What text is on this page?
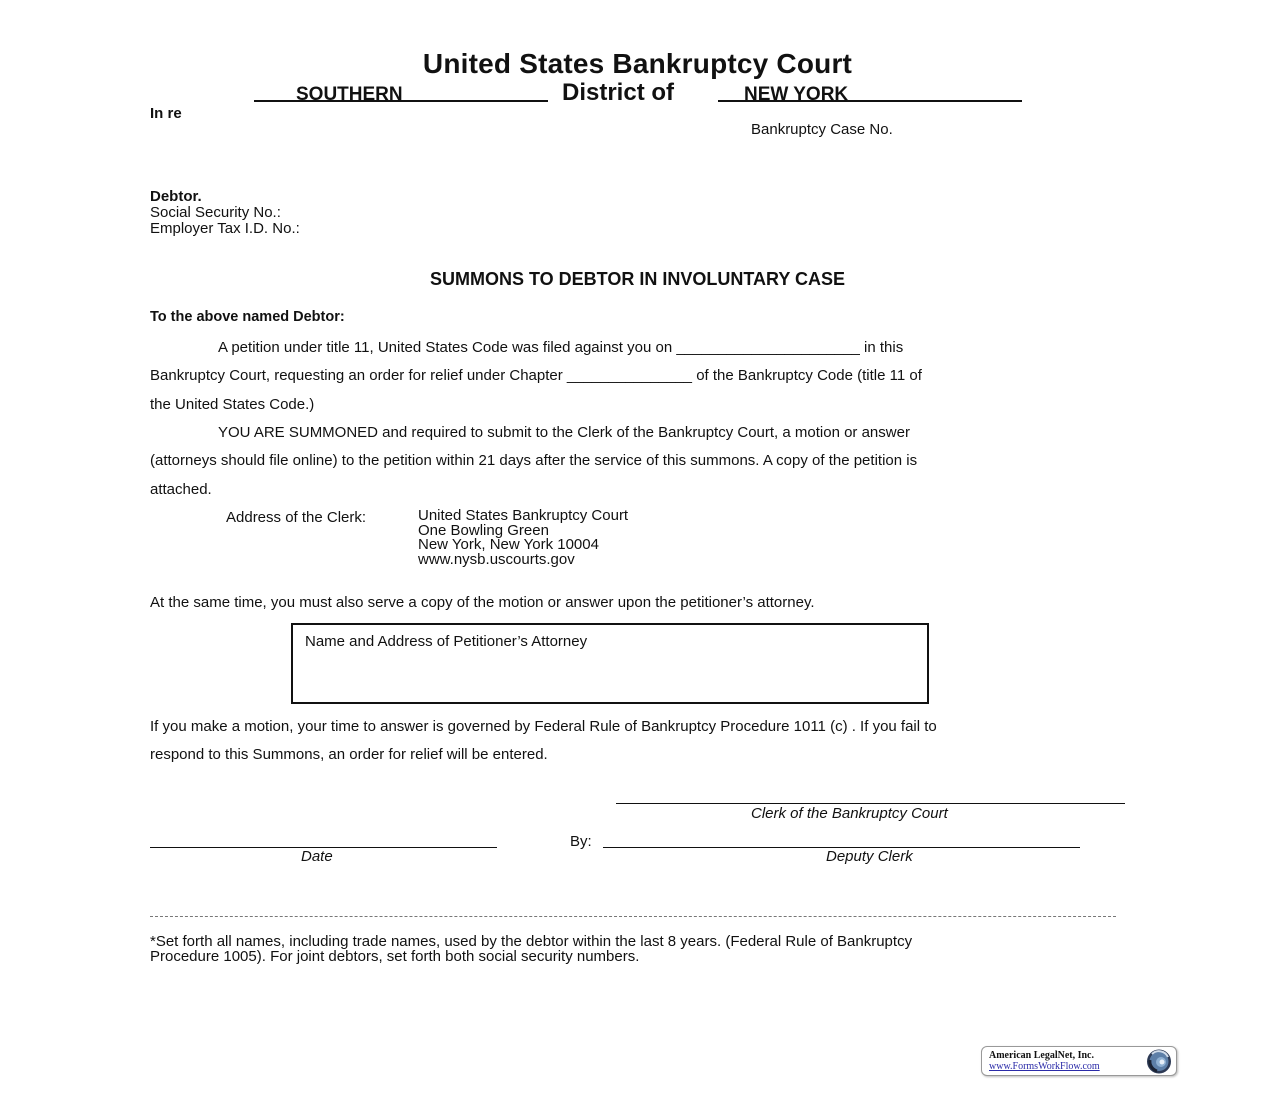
United States Bankruptcy Court
SOUTHERN	District of	NEW YORK
In re
Bankruptcy Case No.
Debtor.
Social Security No.:
Employer Tax I.D. No.:
SUMMONS TO DEBTOR IN INVOLUNTARY CASE
To the above named Debtor:
A petition under title 11, United States Code was filed against you on ______________________ in this
Bankruptcy Court, requesting an order for relief under Chapter _______________ of the Bankruptcy Code (title 11 of
the United States Code.)
YOU ARE SUMMONED and required to submit to the Clerk of the Bankruptcy Court, a motion or answer
(attorneys should file online) to the petition within 21 days after the service of this summons. A copy of the petition is
attached.
Address of the Clerk:	United States Bankruptcy Court
One Bowling Green
New York, New York 10004
www.nysb.uscourts.gov
At the same time, you must also serve a copy of the motion or answer upon the petitioner’s attorney.
Name and Address of Petitioner’s Attorney
If you make a motion, your time to answer is governed by Federal Rule of Bankruptcy Procedure 1011 (c) . If you fail to
respond to this Summons, an order for relief will be entered.
Clerk of the Bankruptcy Court
Date
By:
Deputy Clerk
*Set forth all names, including trade names, used by the debtor within the last 8 years. (Federal Rule of Bankruptcy
Procedure 1005). For joint debtors, set forth both social security numbers.
American LegalNet, Inc.
www.FormsWorkFlow.com
